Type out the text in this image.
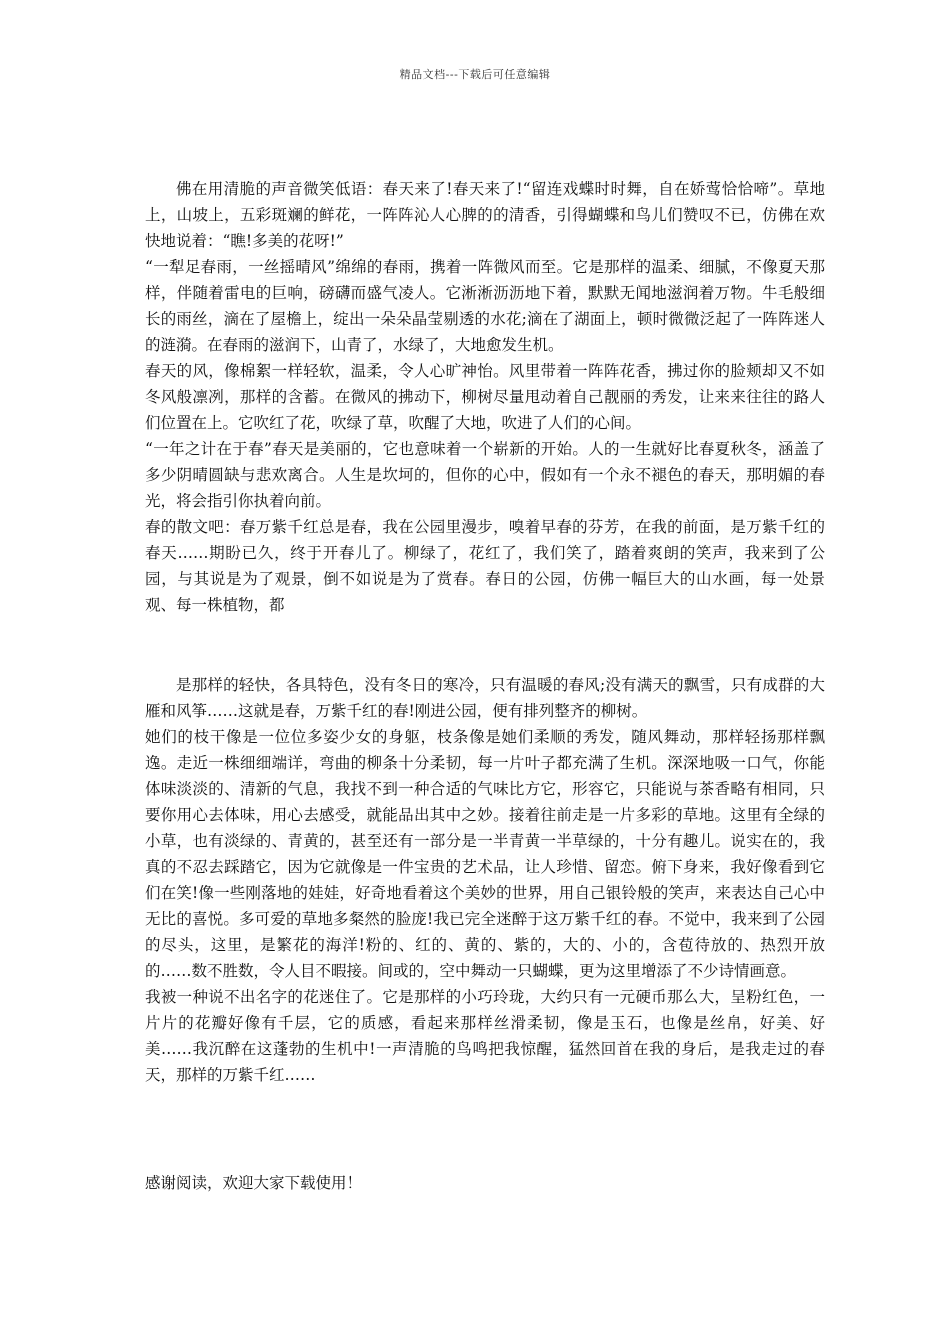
精品文档---下载后可任意编辑

佛在用清脆的声音微笑低语：春天来了!春天来了!“留连戏蝶时时舞，自在娇莺恰恰啼”。草地上，山坡上，五彩斑斓的鲜花，一阵阵沁人心脾的的清香，引得蝴蝶和鸟儿们赞叹不已，仿佛在欢快地说着：“瞧!多美的花呀!”

“一犁足春雨，一丝摇晴风”绵绵的春雨，携着一阵微风而至。它是那样的温柔、细腻，不像夏天那样，伴随着雷电的巨响，磅礴而盛气凌人。它淅淅沥沥地下着，默默无闻地滋润着万物。牛毛般细长的雨丝，滴在了屋檐上，绽出一朵朵晶莹剔透的水花;滴在了湖面上，顿时微微泛起了一阵阵迷人的涟漪。在春雨的滋润下，山青了，水绿了，大地愈发生机。

春天的风，像棉絮一样轻软，温柔，令人心旷神怡。风里带着一阵阵花香，拂过你的脸颊却又不如冬风般凛冽，那样的含蓄。在微风的拂动下，柳树尽量甩动着自己靓丽的秀发，让来来往往的路人们位置在上。它吹红了花，吹绿了草，吹醒了大地，吹进了人们的心间。

“一年之计在于春”春天是美丽的，它也意味着一个崭新的开始。人的一生就好比春夏秋冬，涵盖了多少阴晴圆缺与悲欢离合。人生是坎坷的，但你的心中，假如有一个永不褪色的春天，那明媚的春光，将会指引你执着向前。

春的散文吧：春万紫千红总是春，我在公园里漫步，嗅着早春的芬芳，在我的前面，是万紫千红的春天……期盼已久，终于开春儿了。柳绿了，花红了，我们笑了，踏着爽朗的笑声，我来到了公园，与其说是为了观景，倒不如说是为了赏春。春日的公园，仿佛一幅巨大的山水画，每一处景观、每一株植物，都

是那样的轻快，各具特色，没有冬日的寒冷，只有温暖的春风;没有满天的飘雪，只有成群的大雁和风筝……这就是春，万紫千红的春!刚进公园，便有排列整齐的柳树。

她们的枝干像是一位位多姿少女的身躯，枝条像是她们柔顺的秀发，随风舞动，那样轻扬那样飘逸。走近一株细细端详，弯曲的柳条十分柔韧，每一片叶子都充满了生机。深深地吸一口气，你能体味淡淡的、清新的气息，我找不到一种合适的气味比方它，形容它，只能说与茶香略有相同，只要你用心去体味，用心去感受，就能品出其中之妙。接着往前走是一片多彩的草地。这里有全绿的小草，也有淡绿的、青黄的，甚至还有一部分是一半青黄一半草绿的，十分有趣儿。说实在的，我真的不忍去踩踏它，因为它就像是一件宝贵的艺术品，让人珍惜、留恋。俯下身来，我好像看到它们在笑!像一些刚落地的娃娃，好奇地看着这个美妙的世界，用自己银铃般的笑声，来表达自己心中无比的喜悦。多可爱的草地多粲然的脸庞!我已完全迷醉于这万紫千红的春。不觉中，我来到了公园的尽头，这里，是繁花的海洋!粉的、红的、黄的、紫的，大的、小的，含苞待放的、热烈开放的……数不胜数，令人目不暇接。间或的，空中舞动一只蝴蝶，更为这里增添了不少诗情画意。

我被一种说不出名字的花迷住了。它是那样的小巧玲珑，大约只有一元硬币那么大，呈粉红色，一片片的花瓣好像有千层，它的质感，看起来那样丝滑柔韧，像是玉石，也像是丝帛，好美、好美……我沉醉在这蓬勃的生机中!一声清脆的鸟鸣把我惊醒，猛然回首在我的身后，是我走过的春天，那样的万紫千红……

感谢阅读，欢迎大家下载使用！
